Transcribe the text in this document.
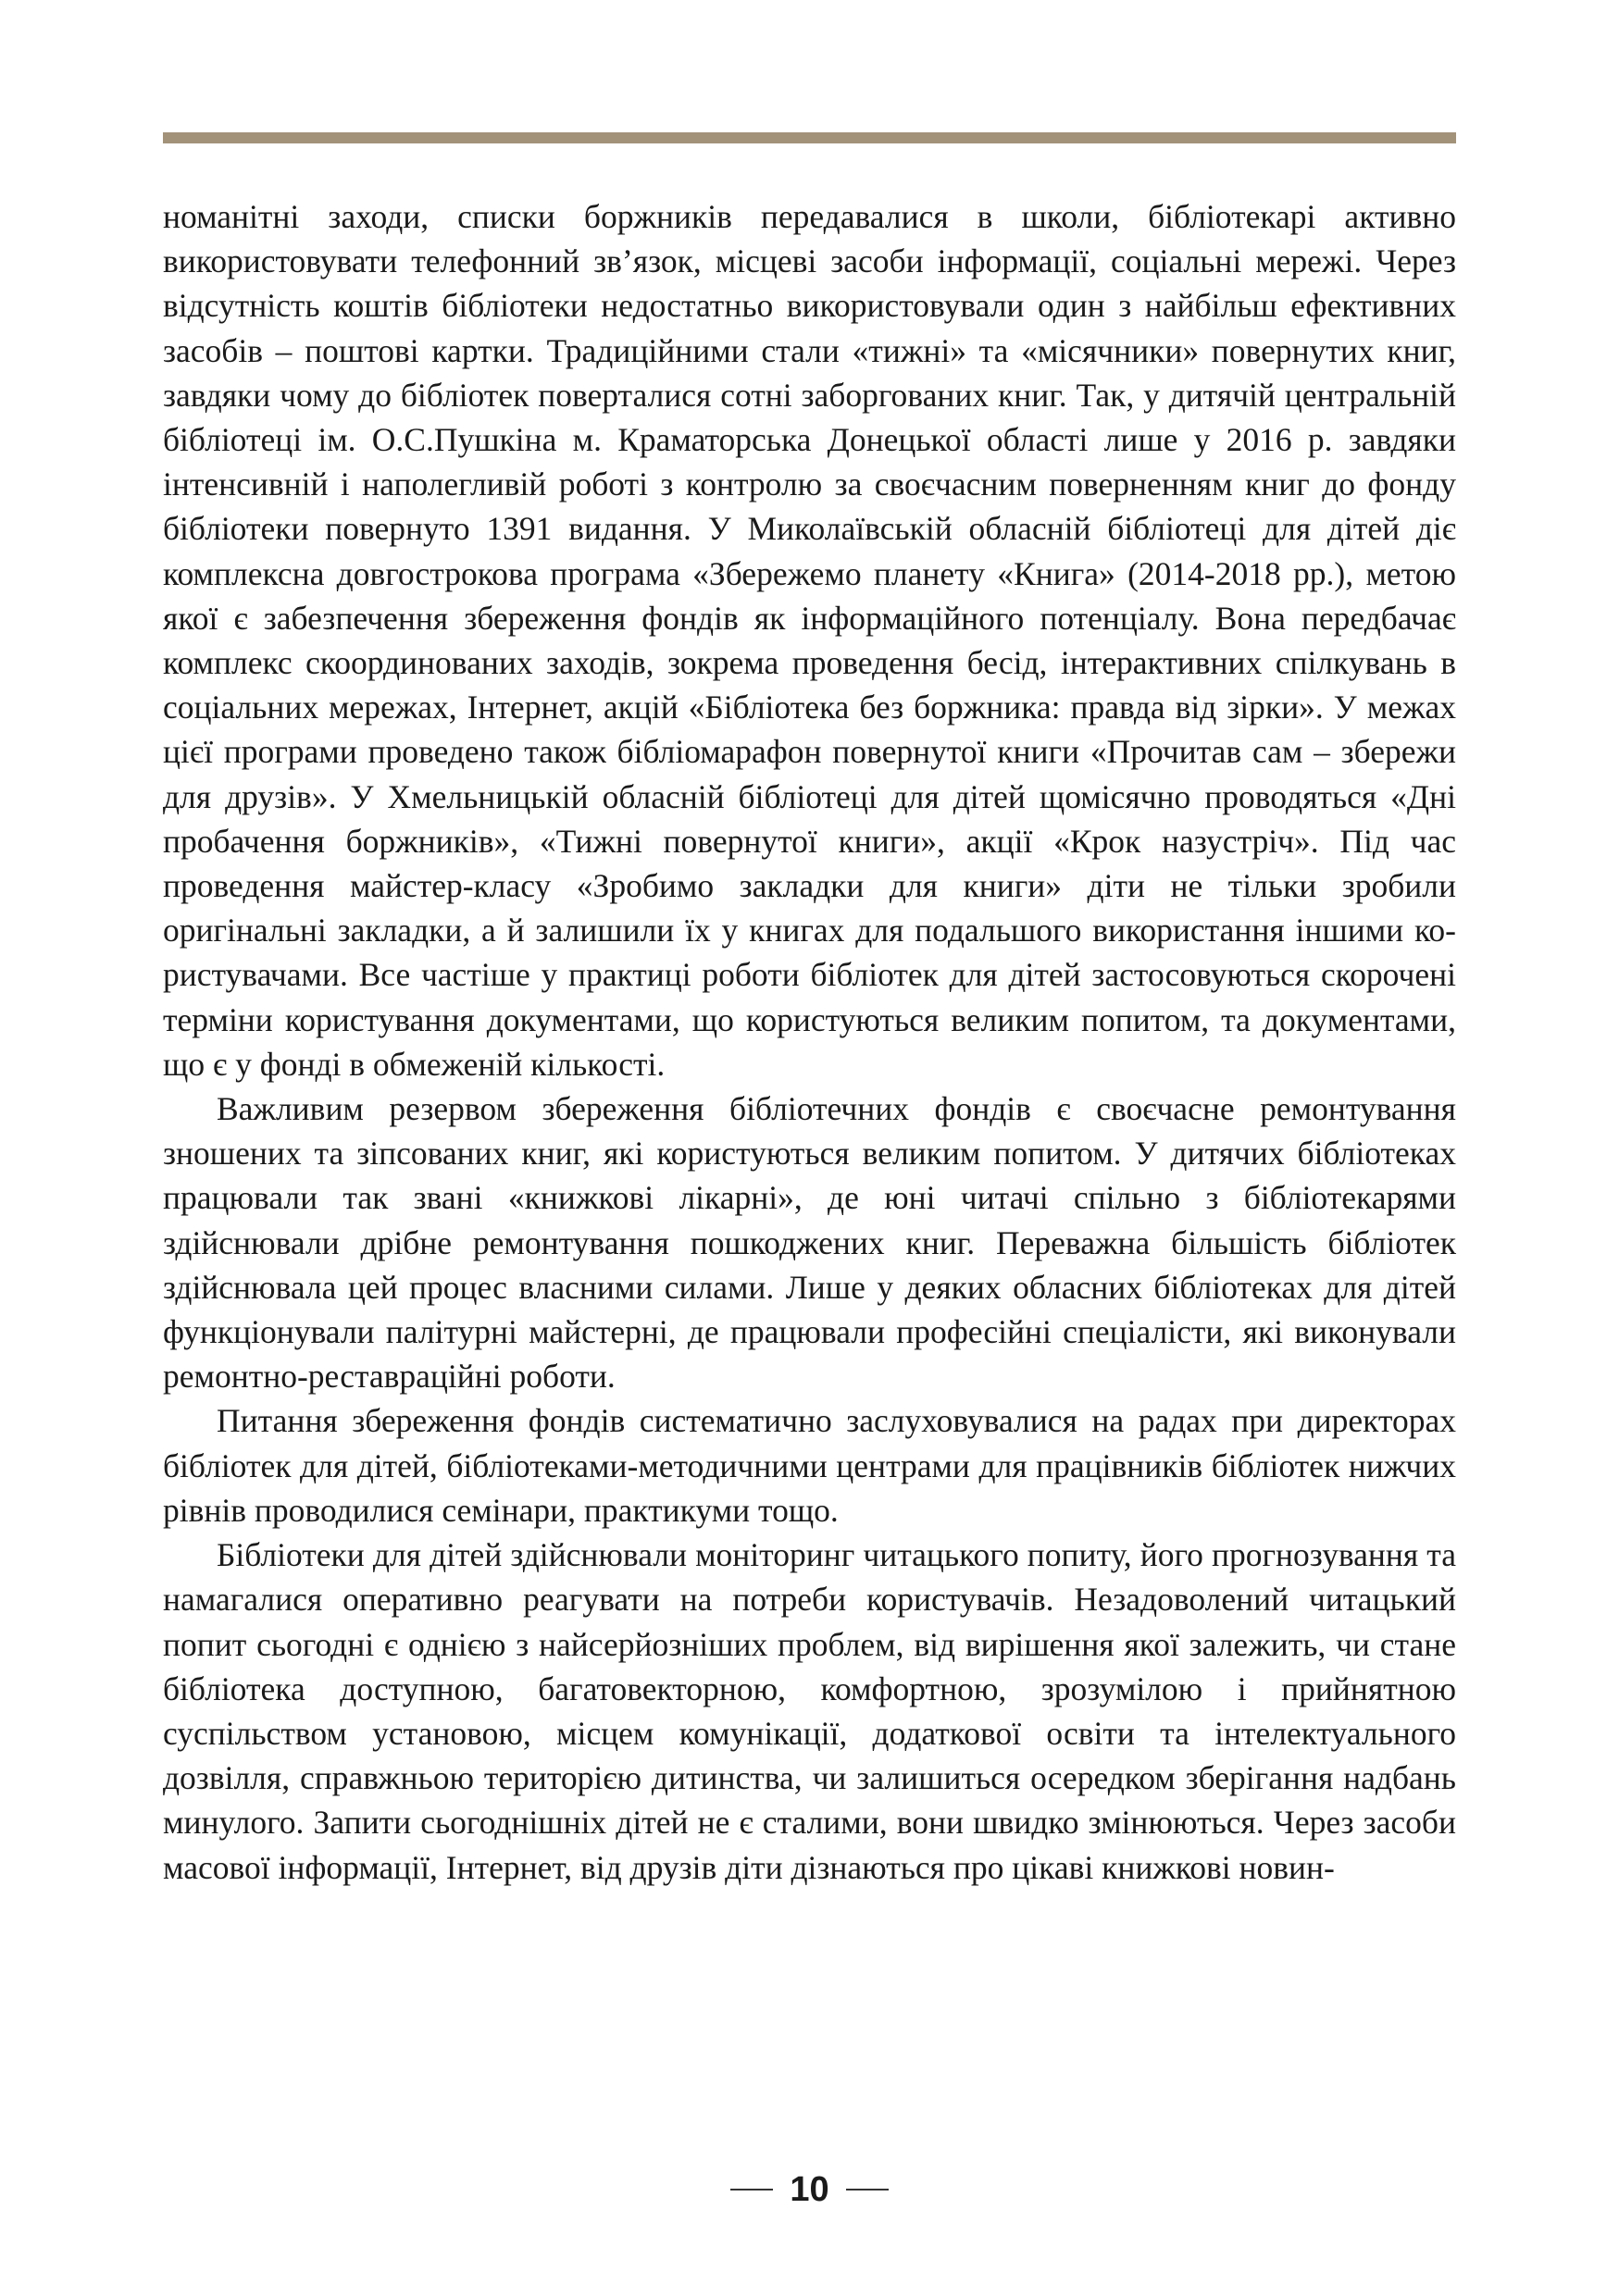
номанітні заходи, списки боржників передавалися в школи, бібліотекарі активно використовувати телефонний зв’язок, місцеві засоби інформації, соціальні мережі. Через відсутність коштів бібліотеки недостатньо використовували один з найбільш ефективних засобів – поштові картки. Традиційними стали «тижні» та «місячники» повернутих книг, завдяки чому до бібліотек поверталися сотні заборгованих книг. Так, у дитячій центральній бібліотеці ім. О.С.Пушкіна м. Краматорська Донецької області лише у 2016 р. завдяки інтенсивній і наполегливій роботі з контролю за своєчасним поверненням книг до фонду бібліотеки повернуто 1391 видання. У Миколаївській обласній бібліотеці для дітей діє комплексна довгострокова програма «Збережемо планету «Книга» (2014-2018 рр.), метою якої є забезпечення збереження фондів як інформаційного потенціалу. Вона передбачає комплекс скоординованих заходів, зокрема проведення бесід, інтерактивних спілкувань в соціальних мережах, Інтернет, акцій «Бібліотека без боржника: правда від зірки». У межах цієї програми проведено також бібліомарафон повернутої книги «Прочитав сам – збережи для друзів». У Хмельницькій обласній бібліотеці для дітей щомісячно проводяться «Дні пробачення боржників», «Тижні повернутої книги», акції «Крок назустріч». Під час проведення майстер-класу «Зробимо закладки для книги» діти не тільки зробили оригінальні закладки, а й залишили їх у книгах для подальшого використання іншими користувачами. Все частіше у практиці роботи бібліотек для дітей застосовуються скорочені терміни користування документами, що користуються великим попитом, та документами, що є у фонді в обмеженій кількості.

Важливим резервом збереження бібліотечних фондів є своєчасне ремонтування зношених та зіпсованих книг, які користуються великим попитом. У дитячих бібліотеках працювали так звані «книжкові лікарні», де юні читачі спільно з бібліотекарями здійснювали дрібне ремонтування пошкоджених книг. Переважна більшість бібліотек здійснювала цей процес власними силами. Лише у деяких обласних бібліотеках для дітей функціонували палітурні майстерні, де працювали професійні спеціалісти, які виконували ремонтно-реставраційні роботи.

Питання збереження фондів систематично заслуховувалися на радах при директорах бібліотек для дітей, бібліотеками-методичними центрами для працівників бібліотек нижчих рівнів проводилися семінари, практикуми тощо.

Бібліотеки для дітей здійснювали моніторинг читацького попиту, його прогнозування та намагалися оперативно реагувати на потреби користувачів. Незадоволений читацький попит сьогодні є однією з найсерйозніших проблем, від вирішення якої залежить, чи стане бібліотека доступною, багатовекторною, комфортною, зрозумілою і прийнятною суспільством установою, місцем комунікації, додаткової освіти та інтелектуального дозвілля, справжньою територією дитинства, чи залишиться осередком зберігання надбань минулого. Запити сьогоднішніх дітей не є сталими, вони швидко змінюються. Через засоби масової інформації, Інтернет, від друзів діти дізнаються про цікаві книжкові новин-

10
